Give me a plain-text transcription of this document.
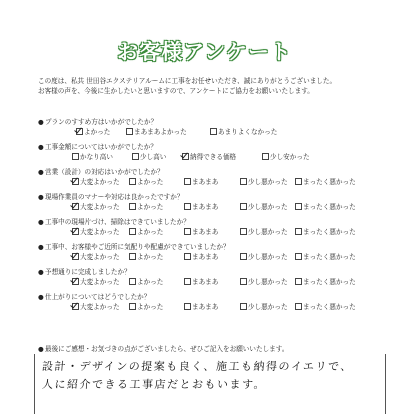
お客様アンケート
この度は、私共 世田谷エクステリアルームに工事をお任せいただき、誠にありがとうございました。
お客様の声を、今後に生かしたいと思いますので、アンケートにご協力をお願いいたします。
●プランのすすめ方はいかがでしたか？
よかった	まあまあよかった	あまりよくなかった
●工事金額についてはいかがでしたか？
かなり高い	少し高い	納得できる価格	少し安かった
●営業（設計）の対応はいかがでしたか？
大変よかった	よかった	まあまあ	少し悪かった	まったく悪かった
●現場作業員のマナーや対応は良かったですか？
大変よかった	よかった	まあまあ	少し悪かった	まったく悪かった
●工事中の現場片づけ、掃除はできていましたか？
大変よかった	よかった	まあまあ	少し悪かった	まったく悪かった
●工事中、お客様やご近所に気配りや配慮ができていましたか？
大変よかった	よかった	まあまあ	少し悪かった	まったく悪かった
●予想通りに完成しましたか？
大変よかった	よかった	まあまあ	少し悪かった	まったく悪かった
●仕上がりについてはどうでしたか？
大変よかった	よかった	まあまあ	少し悪かった	まったく悪かった
●最後にご感想・お気づきの点がございましたら、ぜひご記入をお願いいたします。
設計・デザインの提案も良く、施工も納得のイエリで、
人に紹介できる工事店だとおもいます。
